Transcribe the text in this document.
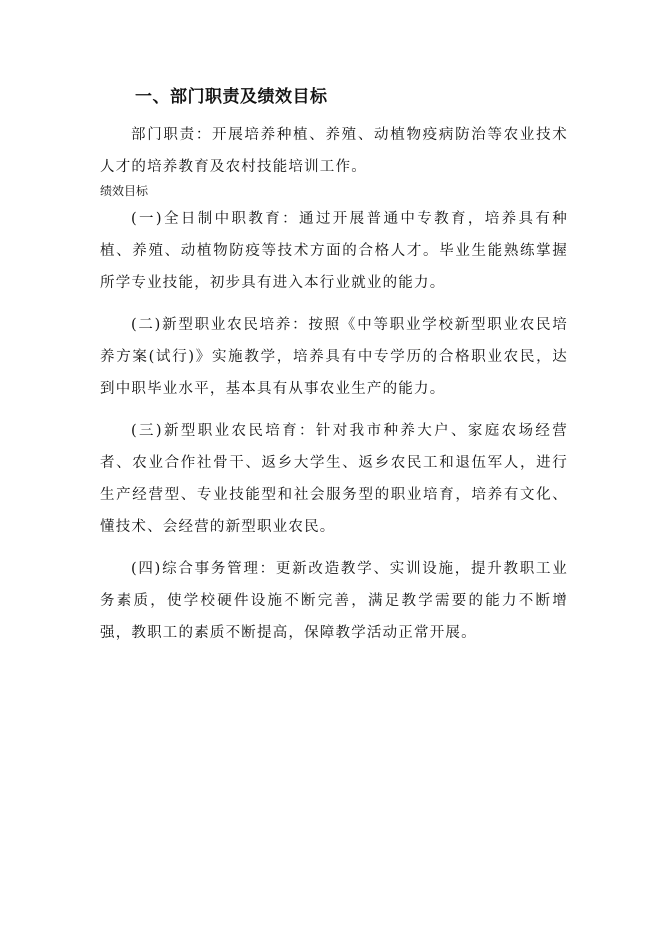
一、部门职责及绩效目标

部门职责：开展培养种植、养殖、动植物疫病防治等农业技术人才的培养教育及农村技能培训工作。

绩效目标

(一)全日制中职教育：通过开展普通中专教育，培养具有种植、养殖、动植物防疫等技术方面的合格人才。毕业生能熟练掌握所学专业技能，初步具有进入本行业就业的能力。

(二)新型职业农民培养：按照《中等职业学校新型职业农民培养方案(试行)》实施教学，培养具有中专学历的合格职业农民，达到中职毕业水平，基本具有从事农业生产的能力。

(三)新型职业农民培育：针对我市种养大户、家庭农场经营者、农业合作社骨干、返乡大学生、返乡农民工和退伍军人，进行生产经营型、专业技能型和社会服务型的职业培育，培养有文化、懂技术、会经营的新型职业农民。

(四)综合事务管理：更新改造教学、实训设施，提升教职工业务素质，使学校硬件设施不断完善，满足教学需要的能力不断增强，教职工的素质不断提高，保障教学活动正常开展。
